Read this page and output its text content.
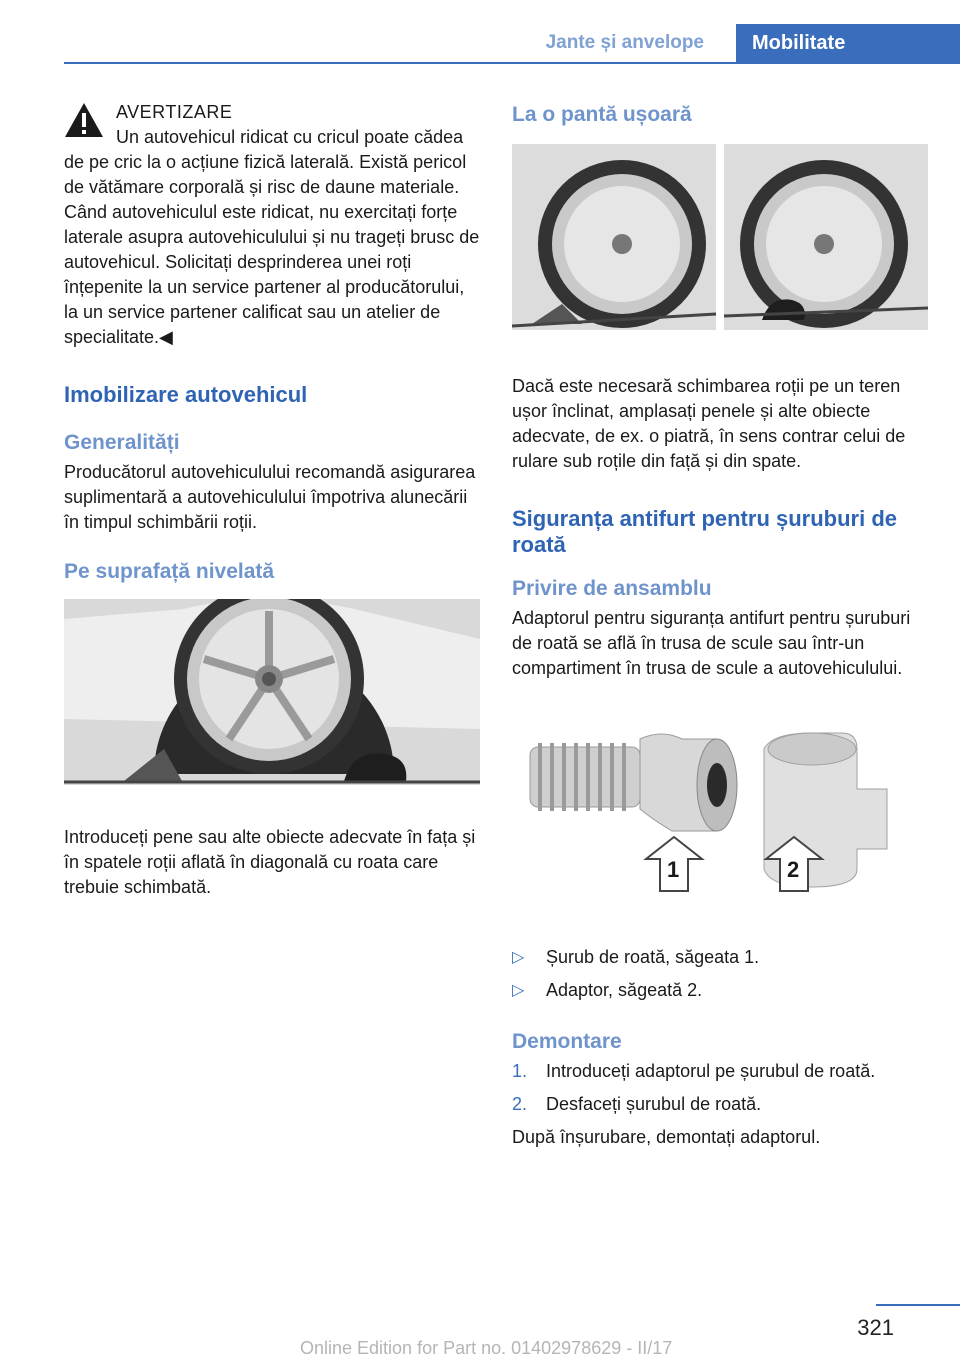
Jante și anvelope	Mobilitate
AVERTIZARE

Un autovehicul ridicat cu cricul poate cădea de pe cric la o acțiune fizică laterală. Există pericol de vătămare corporală și risc de daune materiale. Când autovehiculul este ridicat, nu exercitați forțe laterale asupra autovehiculului și nu trageți brusc de autovehicul. Solicitați desprinderea unei roți înțepenite la un service partener al producătorului, la un service partener calificat sau un atelier de specialitate.◀

Imobilizare autovehicul
Generalități

Producătorul autovehiculului recomandă asigurarea suplimentară a autovehiculului împotriva alunecării în timpul schimbării roții.

Pe suprafață nivelată

Introduceți pene sau alte obiecte adecvate în fața și în spatele roții aflată în diagonală cu roata care trebuie schimbată.

La o pantă ușoară

Dacă este necesară schimbarea roții pe un teren ușor înclinat, amplasați penele și alte obiecte adecvate, de ex. o piatră, în sens contrar celui de rulare sub roțile din față și din spate.

Siguranța antifurt pentru șuruburi de roată
Privire de ansamblu

Adaptorul pentru siguranța antifurt pentru șuruburi de roată se află în trusa de scule sau într-un compartiment în trusa de scule a autovehiculului.

1	2
▷ Șurub de roată, săgeata 1.
▷ Adaptor, săgeată 2.
Demontare
1. Introduceți adaptorul pe șurubul de roată.
2. Desfaceți șurubul de roată.

După înșurubare, demontați adaptorul.

321
Online Edition for Part no. 01402978629 - II/17
